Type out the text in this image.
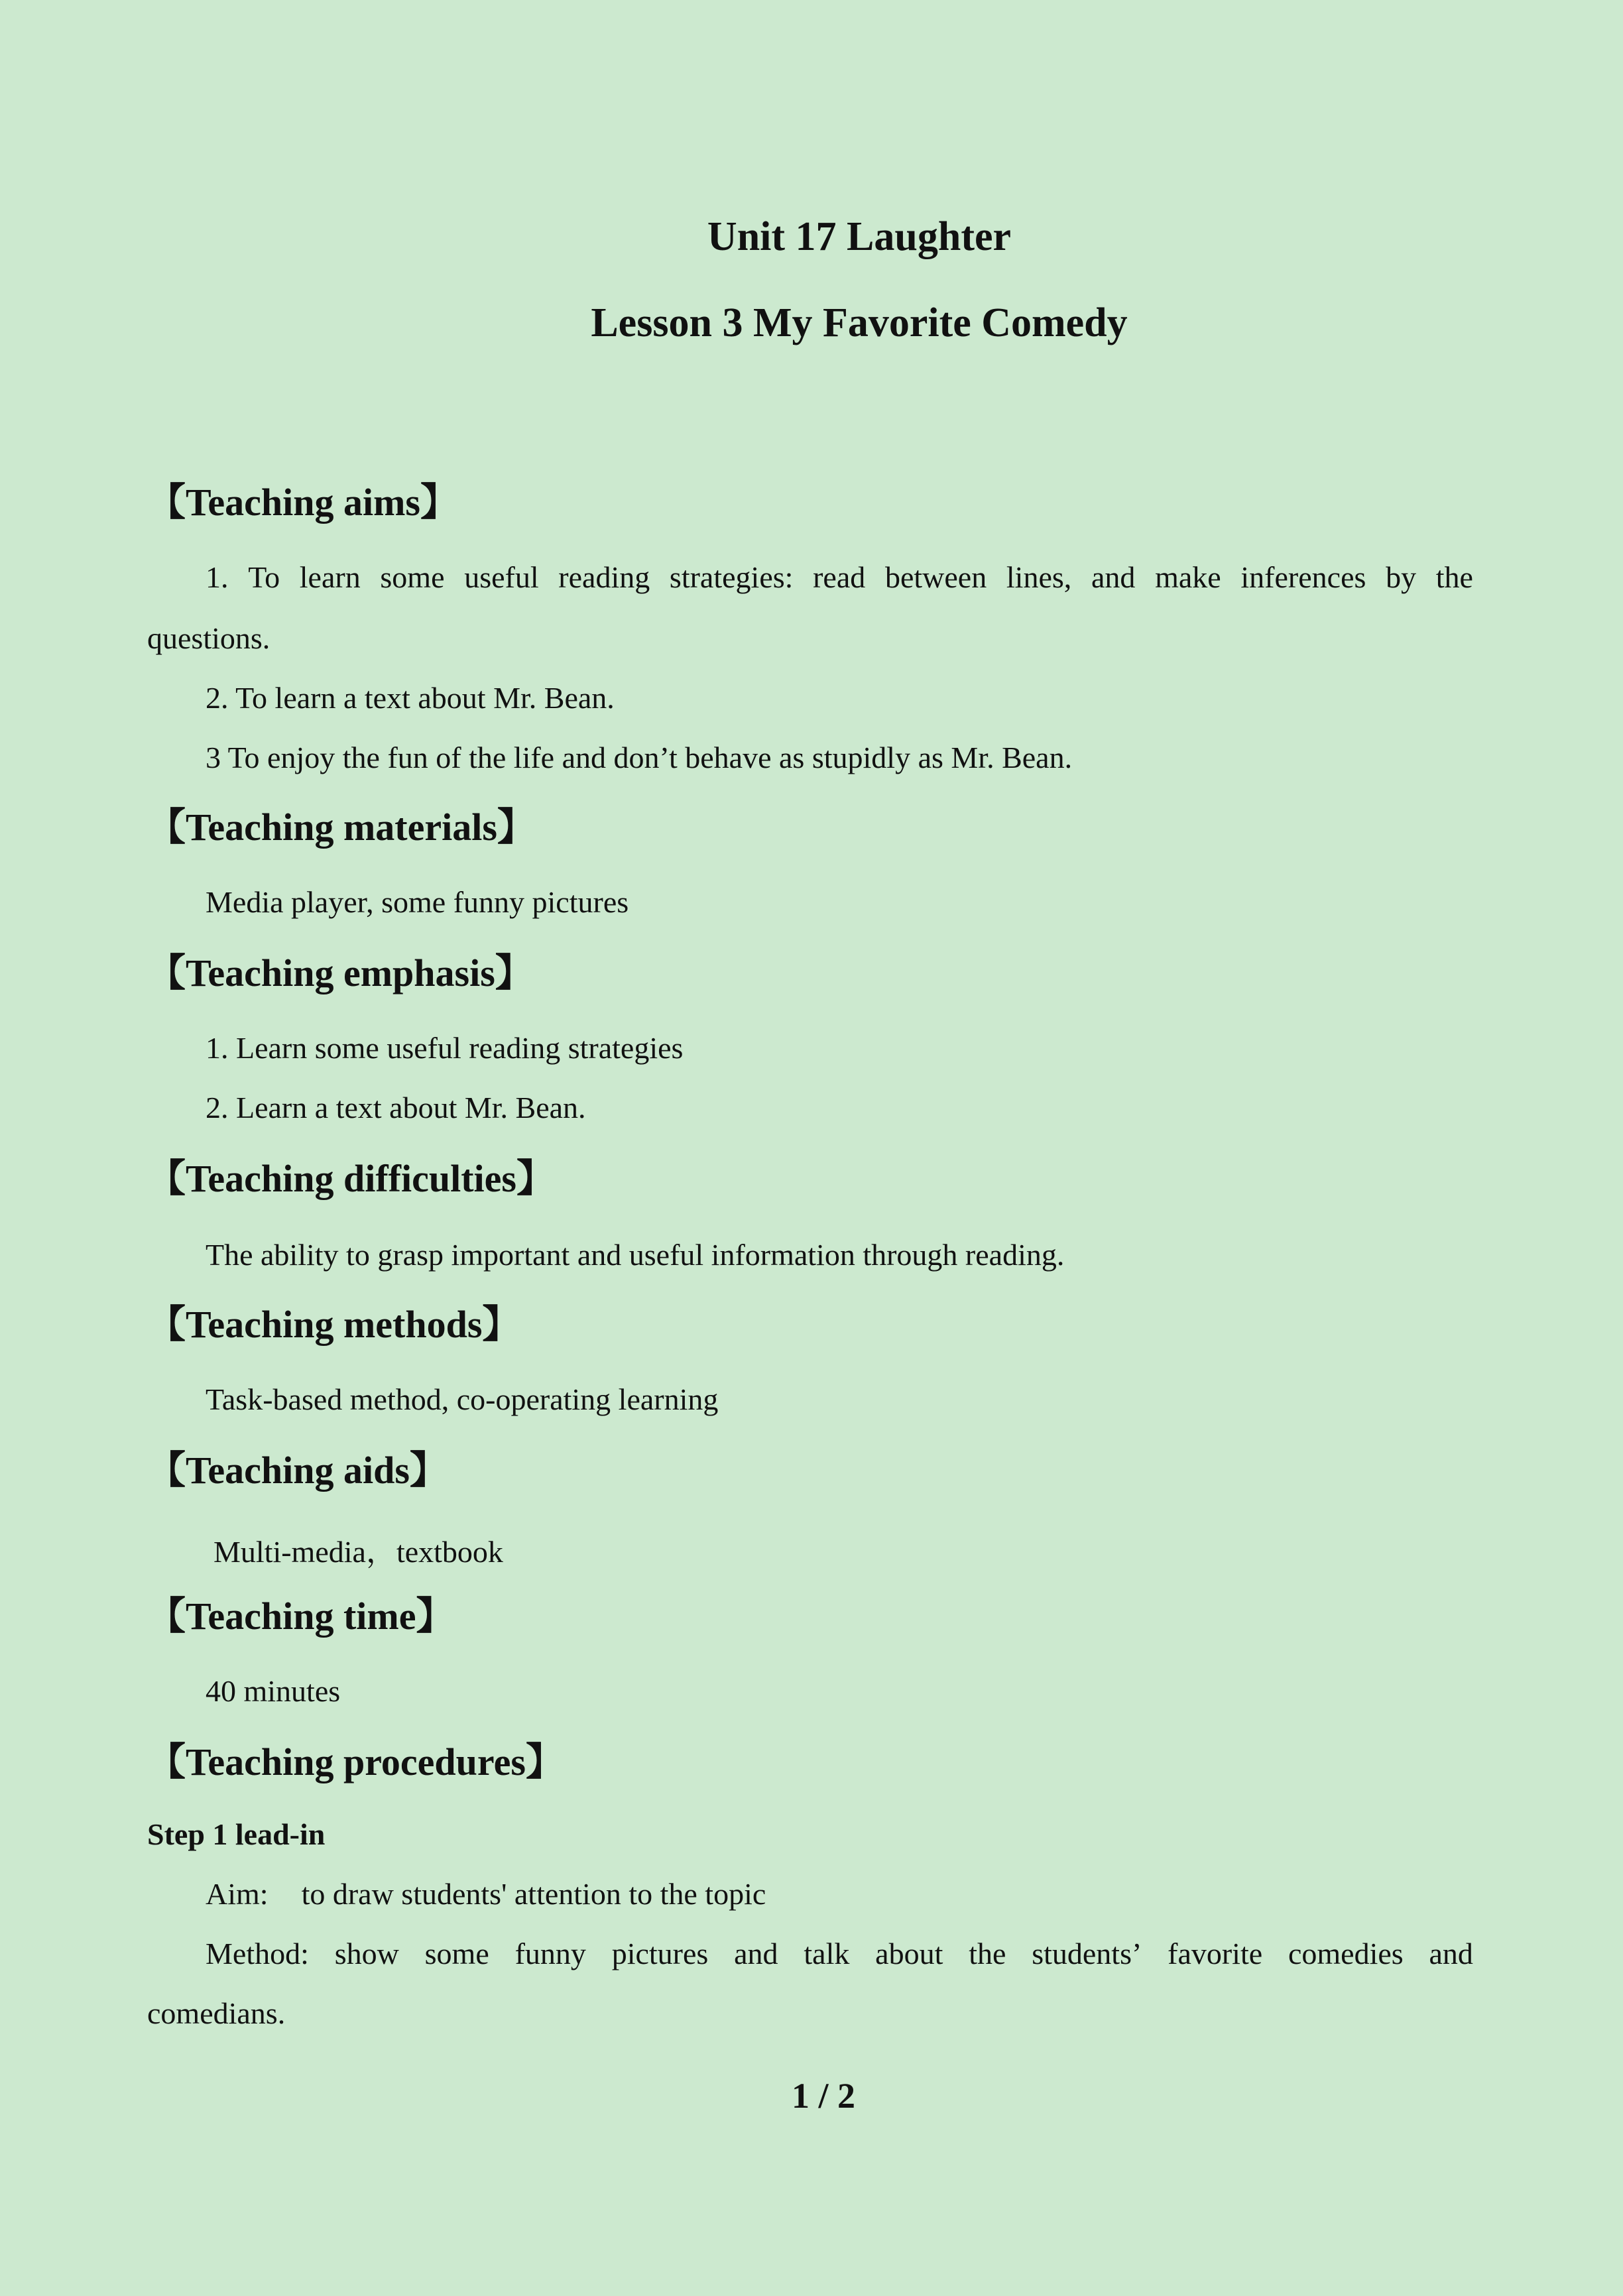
Unit 17 Laughter
Lesson 3 My Favorite Comedy
【Teaching aims】
1. To learn some useful reading strategies: read between lines, and make inferences by the
questions.
2. To learn a text about Mr. Bean.
3 To enjoy the fun of the life and don’t behave as stupidly as Mr. Bean.
【Teaching materials】
Media player, some funny pictures
【Teaching emphasis】
1. Learn some useful reading strategies
2. Learn a text about Mr. Bean.
【Teaching difficulties】
The ability to grasp important and useful information through reading.
【Teaching methods】
Task-based method, co-operating learning
【Teaching aids】
Multi-media，textbook
【Teaching time】
40 minutes
【Teaching procedures】
Step 1 lead-in
Aim: to draw students' attention to the topic
Method: show some funny pictures and talk about the students’ favorite comedies and
comedians.
1 / 2
